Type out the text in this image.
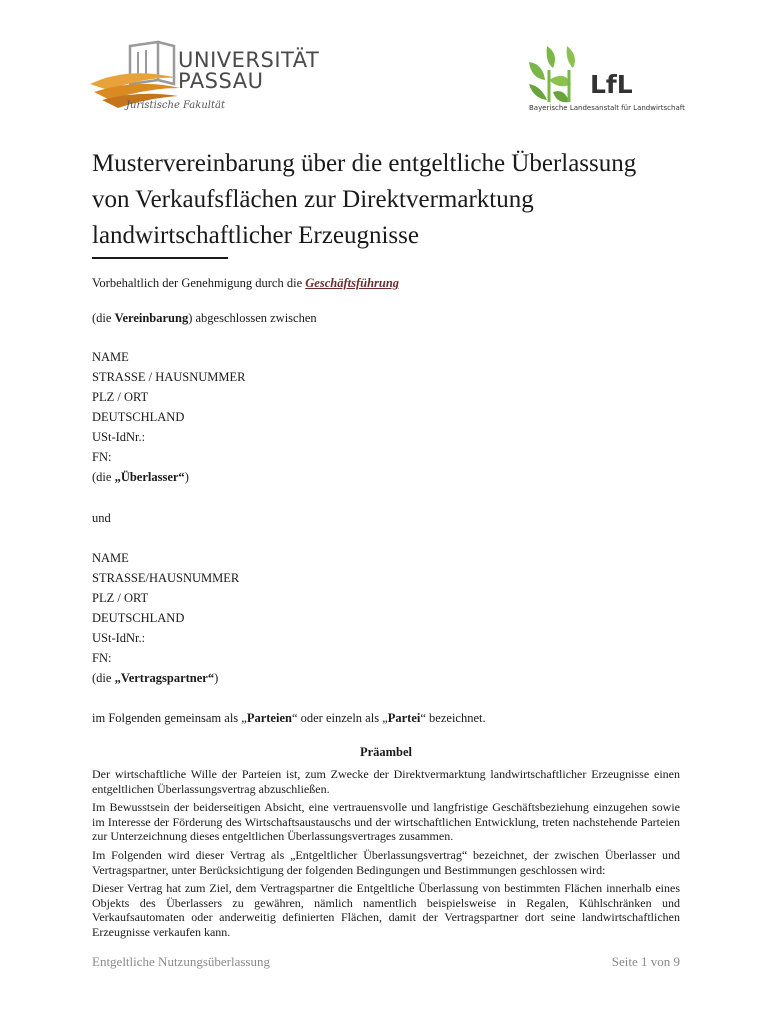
UNIVERSITÄT
PASSAU
Juristische Fakultät
LfL
Bayerische Landesanstalt für Landwirtschaft
Mustervereinbarung über die entgeltliche Überlassung
von Verkaufsflächen zur Direktvermarktung
landwirtschaftlicher Erzeugnisse
Vorbehaltlich der Genehmigung durch die Geschäftsführung
(die Vereinbarung) abgeschlossen zwischen
NAME
STRASSE / HAUSNUMMER
PLZ / ORT
DEUTSCHLAND
USt-IdNr.:
FN:
(die „Überlasser“)
und
NAME
STRASSE/HAUSNUMMER
PLZ / ORT
DEUTSCHLAND
USt-IdNr.:
FN:
(die „Vertragspartner“)
im Folgenden gemeinsam als „Parteien“ oder einzeln als „Partei“ bezeichnet.
Präambel
Der wirtschaftliche Wille der Parteien ist, zum Zwecke der Direktvermarktung landwirtschaftlicher Erzeugnisse einen entgeltlichen Überlassungsvertrag abzuschließen.
Im Bewusstsein der beiderseitigen Absicht, eine vertrauensvolle und langfristige Geschäftsbeziehung einzugehen sowie im Interesse der Förderung des Wirtschaftsaustauschs und der wirtschaftlichen Entwicklung, treten nachstehende Parteien zur Unterzeichnung dieses entgeltlichen Überlassungsvertrages zusammen.
Im Folgenden wird dieser Vertrag als „Entgeltlicher Überlassungsvertrag“ bezeichnet, der zwischen Überlasser und Vertragspartner, unter Berücksichtigung der folgenden Bedingungen und Bestimmungen geschlossen wird:
Dieser Vertrag hat zum Ziel, dem Vertragspartner die Entgeltliche Überlassung von bestimmten Flächen innerhalb eines Objekts des Überlassers zu gewähren, nämlich namentlich beispielsweise in Regalen, Kühlschränken und Verkaufsautomaten oder anderweitig definierten Flächen, damit der Vertragspartner dort seine landwirtschaftlichen Erzeugnisse verkaufen kann.
Entgeltliche Nutzungsüberlassung	Seite 1 von 9
